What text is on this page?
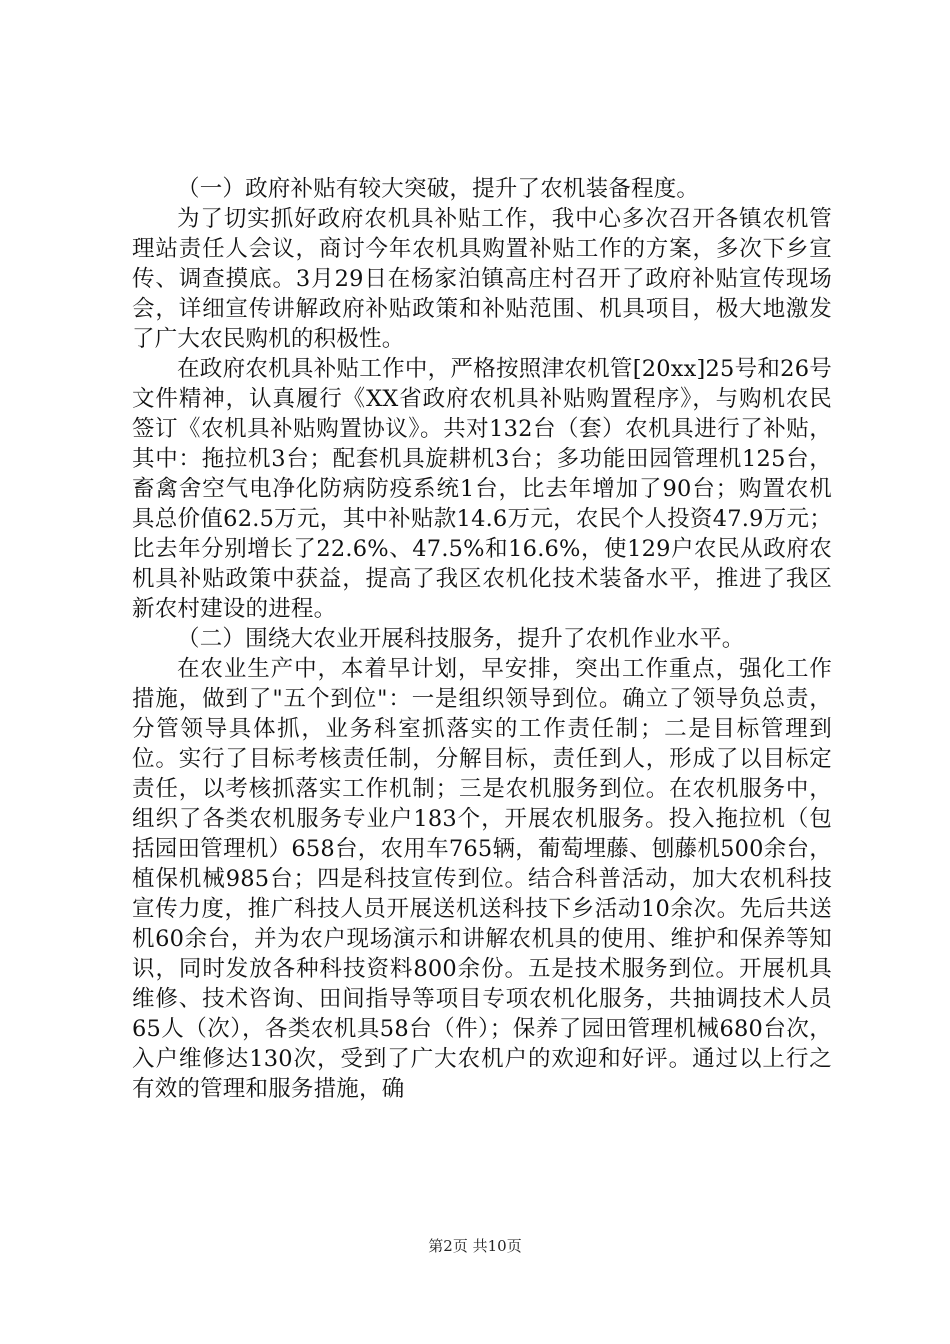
（一）政府补贴有较大突破，提升了农机装备程度。

为了切实抓好政府农机具补贴工作，我中心多次召开各镇农机管理站责任人会议，商讨今年农机具购置补贴工作的方案，多次下乡宣传、调查摸底。3月29日在杨家泊镇高庄村召开了政府补贴宣传现场会，详细宣传讲解政府补贴政策和补贴范围、机具项目，极大地激发了广大农民购机的积极性。

在政府农机具补贴工作中，严格按照津农机管[20xx]25号和26号文件精神，认真履行《XX省政府农机具补贴购置程序》，与购机农民签订《农机具补贴购置协议》。共对132台（套）农机具进行了补贴，其中：拖拉机3台；配套机具旋耕机3台；多功能田园管理机125台，畜禽舍空气电净化防病防疫系统1台，比去年增加了90台；购置农机具总价值62.5万元，其中补贴款14.6万元，农民个人投资47.9万元；比去年分别增长了22.6%、47.5%和16.6%，使129户农民从政府农机具补贴政策中获益，提高了我区农机化技术装备水平，推进了我区新农村建设的进程。

（二）围绕大农业开展科技服务，提升了农机作业水平。

在农业生产中，本着早计划，早安排，突出工作重点，强化工作措施，做到了"五个到位"：一是组织领导到位。确立了领导负总责，分管领导具体抓，业务科室抓落实的工作责任制；二是目标管理到位。实行了目标考核责任制，分解目标，责任到人，形成了以目标定责任，以考核抓落实工作机制；三是农机服务到位。在农机服务中，组织了各类农机服务专业户183个，开展农机服务。投入拖拉机（包括园田管理机）658台，农用车765辆，葡萄埋藤、刨藤机500余台，植保机械985台；四是科技宣传到位。结合科普活动，加大农机科技宣传力度，推广科技人员开展送机送科技下乡活动10余次。先后共送机60余台，并为农户现场演示和讲解农机具的使用、维护和保养等知识，同时发放各种科技资料800余份。五是技术服务到位。开展机具维修、技术咨询、田间指导等项目专项农机化服务，共抽调技术人员65人（次），各类农机具58台（件）；保养了园田管理机械680台次，入户维修达130次，受到了广大农机户的欢迎和好评。通过以上行之有效的管理和服务措施，确

第2页 共10页
